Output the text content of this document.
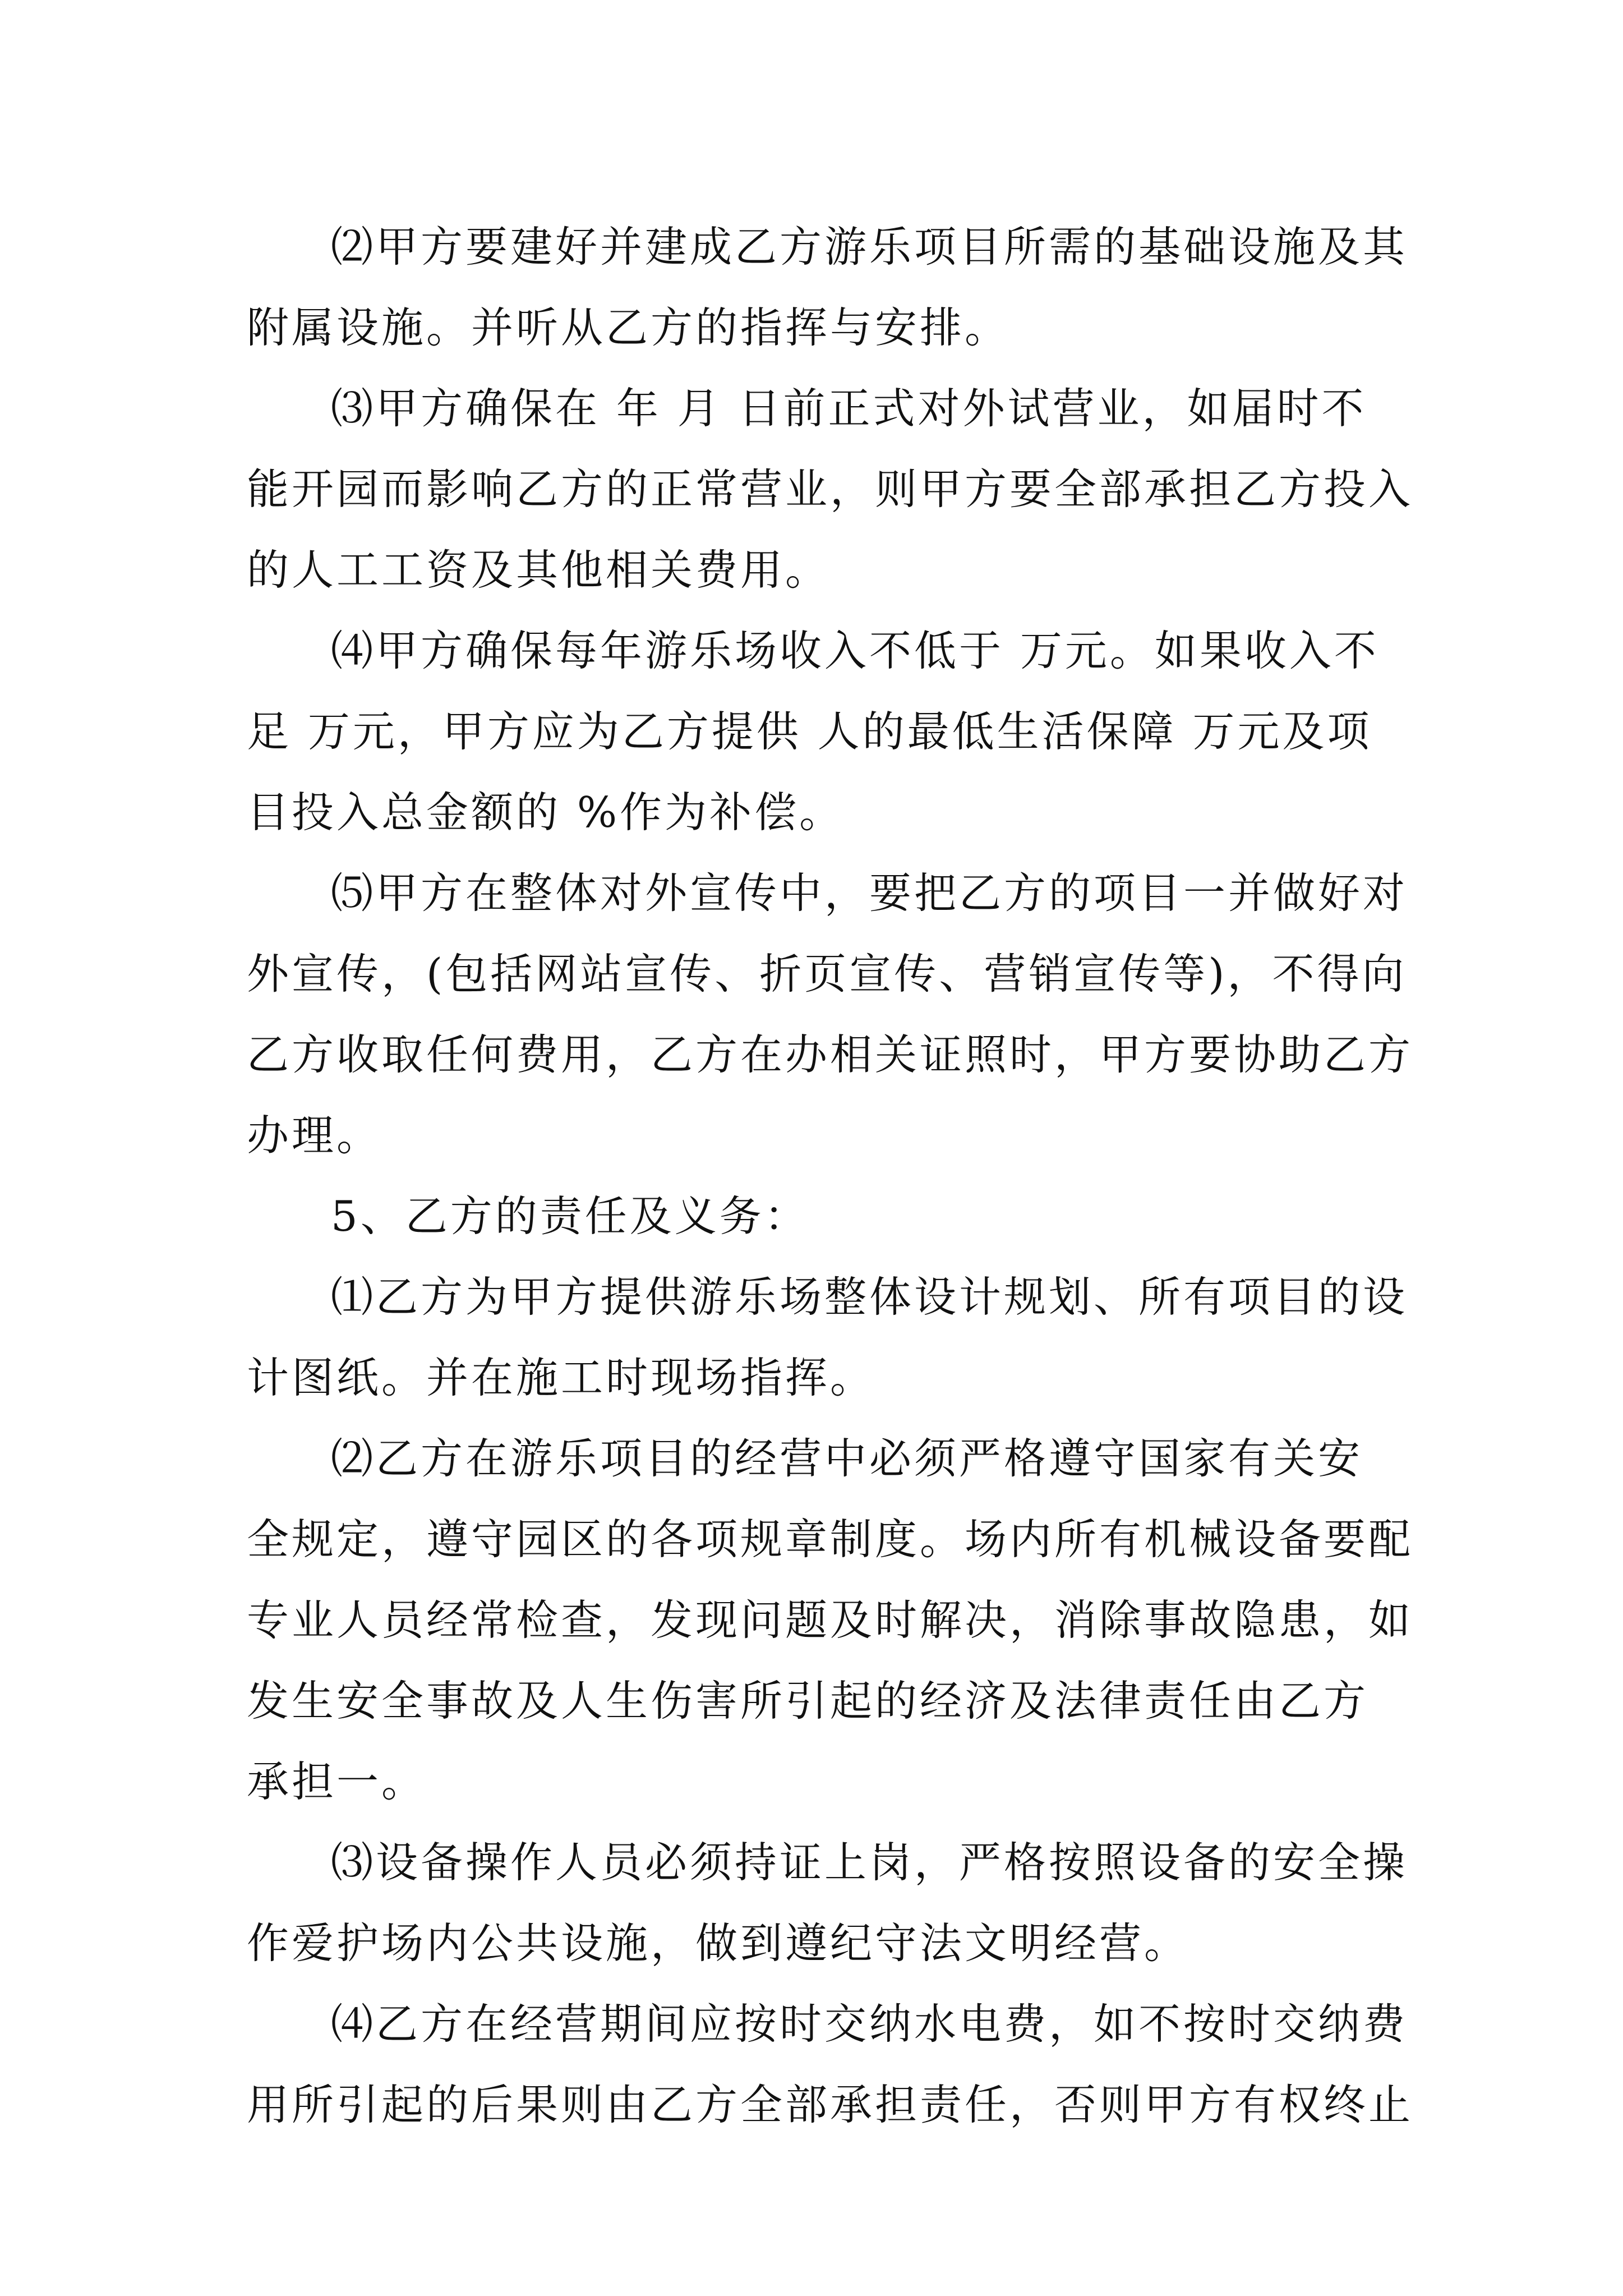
⑵甲方要建好并建成乙方游乐项目所需的基础设施及其
附属设施。并听从乙方的指挥与安排。
⑶甲方确保在 年 月 日前正式对外试营业，如届时不
能开园而影响乙方的正常营业，则甲方要全部承担乙方投入
的人工工资及其他相关费用。
⑷甲方确保每年游乐场收入不低于 万元。如果收入不
足 万元，甲方应为乙方提供 人的最低生活保障 万元及项
目投入总金额的 %作为补偿。
⑸甲方在整体对外宣传中，要把乙方的项目一并做好对
外宣传，(包括网站宣传、折页宣传、营销宣传等)，不得向
乙方收取任何费用，乙方在办相关证照时，甲方要协助乙方
办理。
5、乙方的责任及义务：
⑴乙方为甲方提供游乐场整体设计规划、所有项目的设
计图纸。并在施工时现场指挥。
⑵乙方在游乐项目的经营中必须严格遵守国家有关安
全规定，遵守园区的各项规章制度。场内所有机械设备要配
专业人员经常检查，发现问题及时解决，消除事故隐患，如
发生安全事故及人生伤害所引起的经济及法律责任由乙方
承担一。
⑶设备操作人员必须持证上岗，严格按照设备的安全操
作爱护场内公共设施，做到遵纪守法文明经营。
⑷乙方在经营期间应按时交纳水电费，如不按时交纳费
用所引起的后果则由乙方全部承担责任，否则甲方有权终止
